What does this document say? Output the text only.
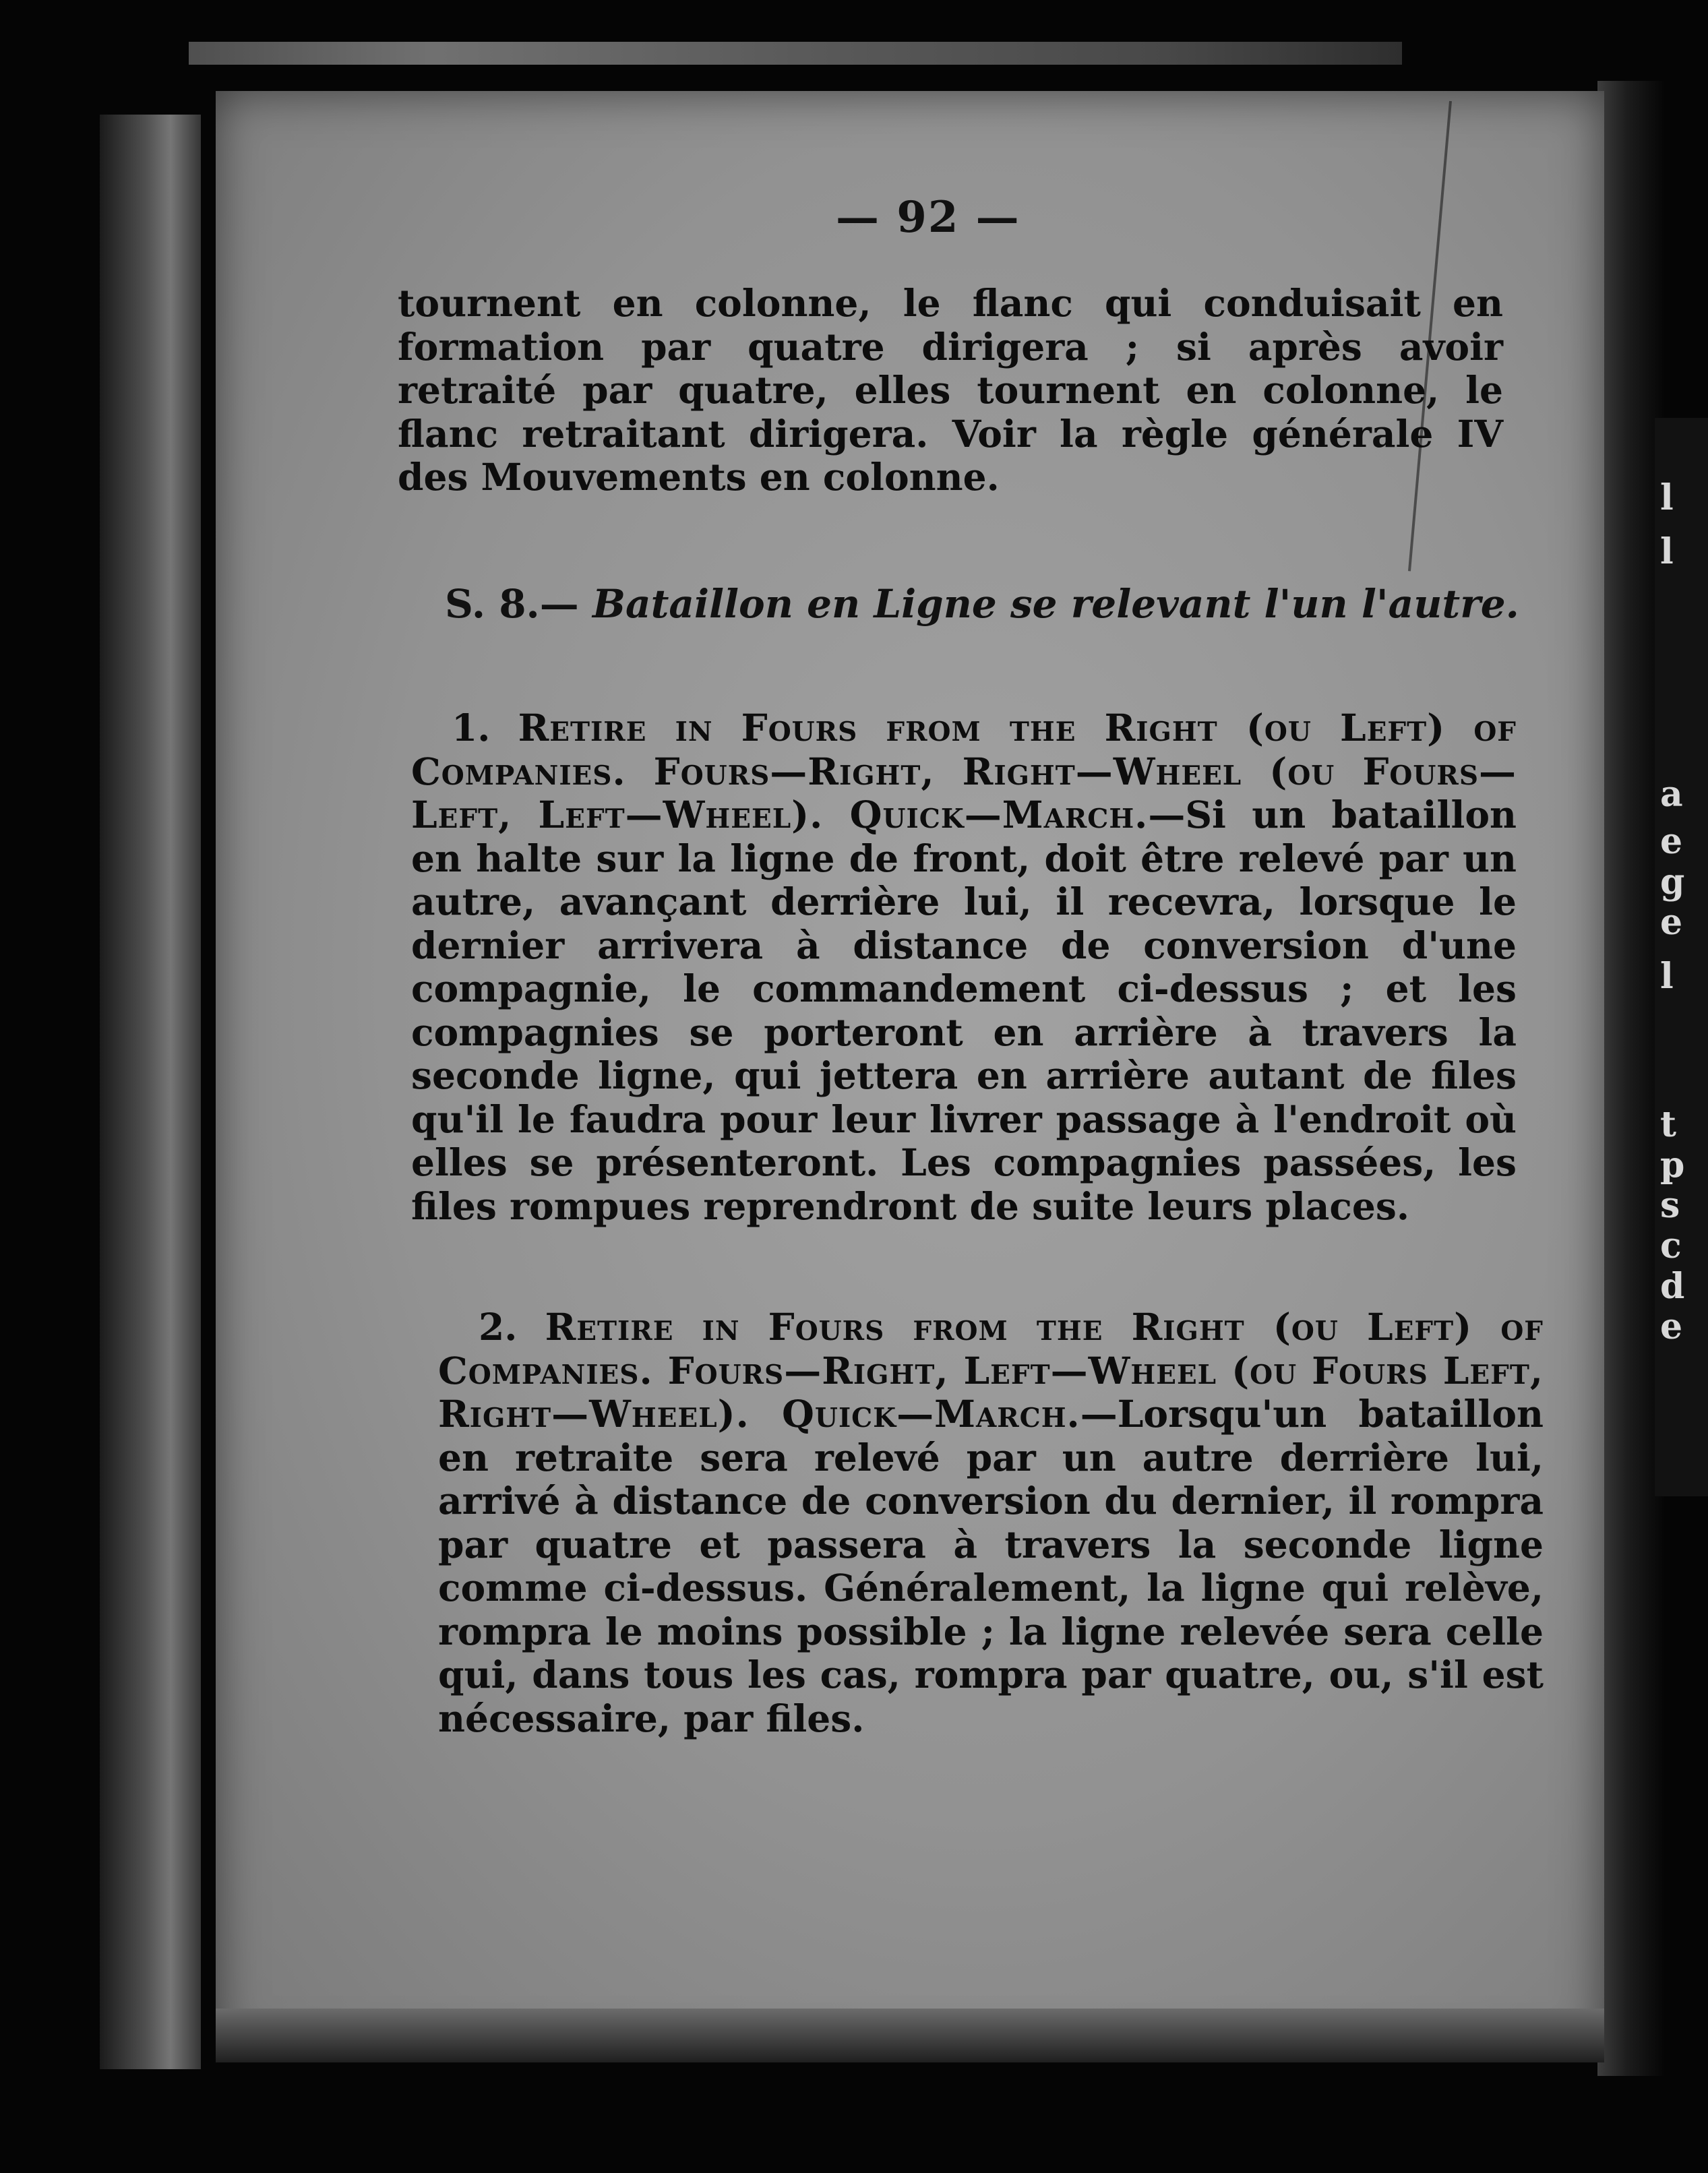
l
l
a
e
g
e
l
t
p
s
c
d
e
— 92 —

tournent en colonne, le flanc qui conduisait en formation par quatre dirigera ; si après avoir retraité par quatre, elles tournent en colonne, le flanc retraitant dirigera. Voir la règle générale IV des Mouvements en colonne.

S. 8.— Bataillon en Ligne se relevant l'un l'autre.

1. Retire in Fours from the Right (ou Left) of Companies. Fours—Right, Right—Wheel (ou Fours—Left, Left—Wheel). Quick—March.—Si un bataillon en halte sur la ligne de front, doit être relevé par un autre, avançant derrière lui, il recevra, lorsque le dernier arrivera à distance de conversion d'une compagnie, le commandement ci-dessus ; et les compagnies se porteront en arrière à travers la seconde ligne, qui jettera en arrière autant de files qu'il le faudra pour leur livrer passage à l'endroit où elles se présenteront. Les compagnies passées, les files rompues reprendront de suite leurs places.

2. Retire in Fours from the Right (ou Left) of Companies. Fours—Right, Left—Wheel (ou Fours Left, Right—Wheel). Quick—March.—Lorsqu'un bataillon en retraite sera relevé par un autre derrière lui, arrivé à distance de conversion du dernier, il rompra par quatre et passera à travers la seconde ligne comme ci-dessus. Généralement, la ligne qui relève, rompra le moins possible ; la ligne relevée sera celle qui, dans tous les cas, rompra par quatre, ou, s'il est nécessaire, par files.
